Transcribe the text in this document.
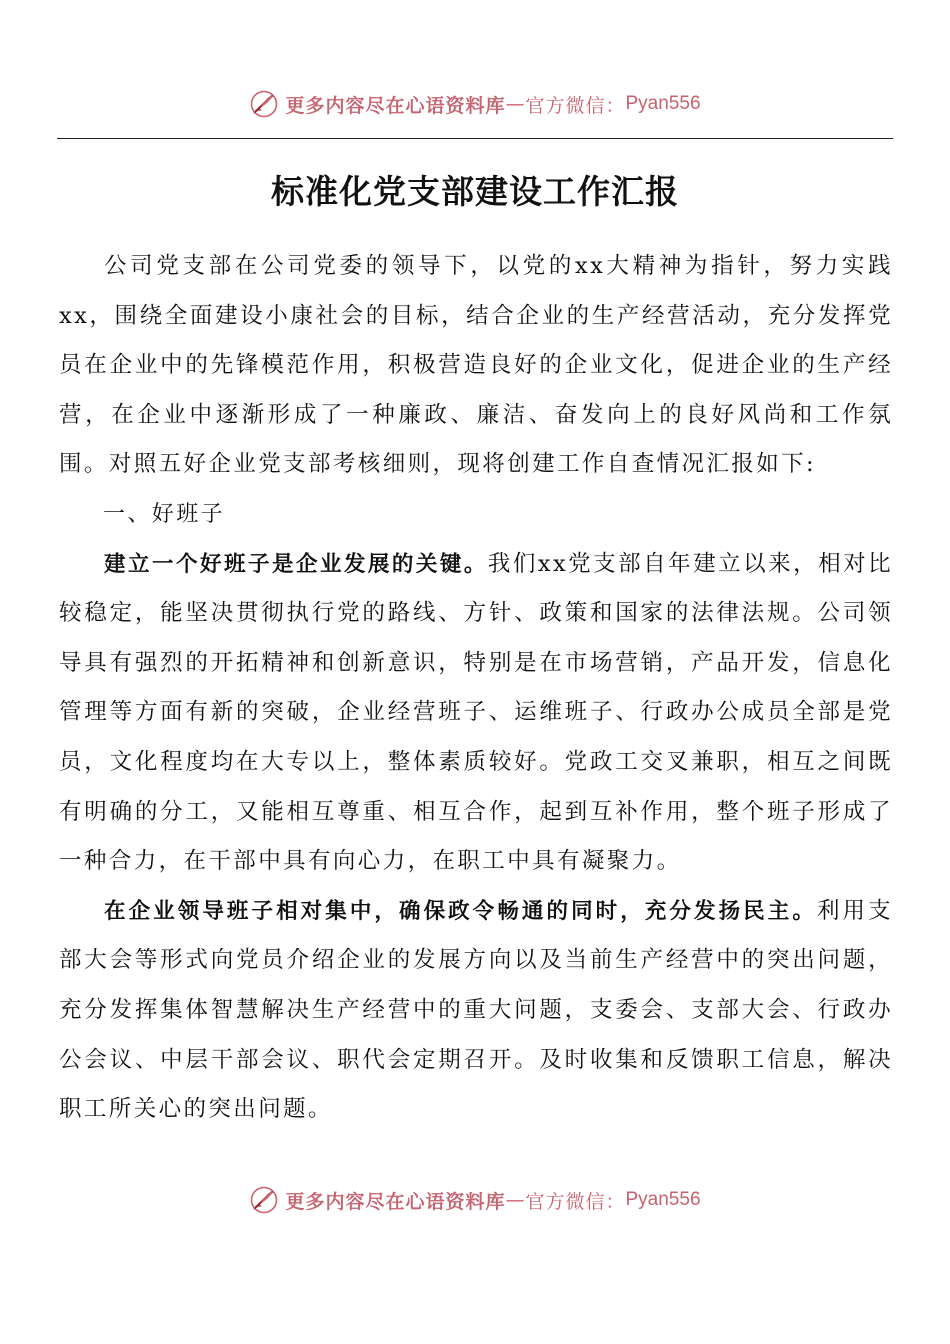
更多内容尽在心语资料库 — 官方微信： Pyan556
标准化党支部建设工作汇报

公司党支部在公司党委的领导下，以党的xx大精神为指针，努力实践xx，围绕全面建设小康社会的目标，结合企业的生产经营活动，充分发挥党员在企业中的先锋模范作用，积极营造良好的企业文化，促进企业的生产经营，在企业中逐渐形成了一种廉政、廉洁、奋发向上的良好风尚和工作氛围。对照五好企业党支部考核细则，现将创建工作自查情况汇报如下:

一、好班子

建立一个好班子是企业发展的关键。我们xx党支部自年建立以来，相对比较稳定，能坚决贯彻执行党的路线、方针、政策和国家的法律法规。公司领导具有强烈的开拓精神和创新意识，特别是在市场营销，产品开发，信息化管理等方面有新的突破，企业经营班子、运维班子、行政办公成员全部是党员，文化程度均在大专以上，整体素质较好。党政工交叉兼职，相互之间既有明确的分工，又能相互尊重、相互合作，起到互补作用，整个班子形成了一种合力，在干部中具有向心力，在职工中具有凝聚力。

在企业领导班子相对集中，确保政令畅通的同时，充分发扬民主。利用支部大会等形式向党员介绍企业的发展方向以及当前生产经营中的突出问题，充分发挥集体智慧解决生产经营中的重大问题，支委会、支部大会、行政办公会议、中层干部会议、职代会定期召开。及时收集和反馈职工信息，解决职工所关心的突出问题。

更多内容尽在心语资料库 — 官方微信： Pyan556
